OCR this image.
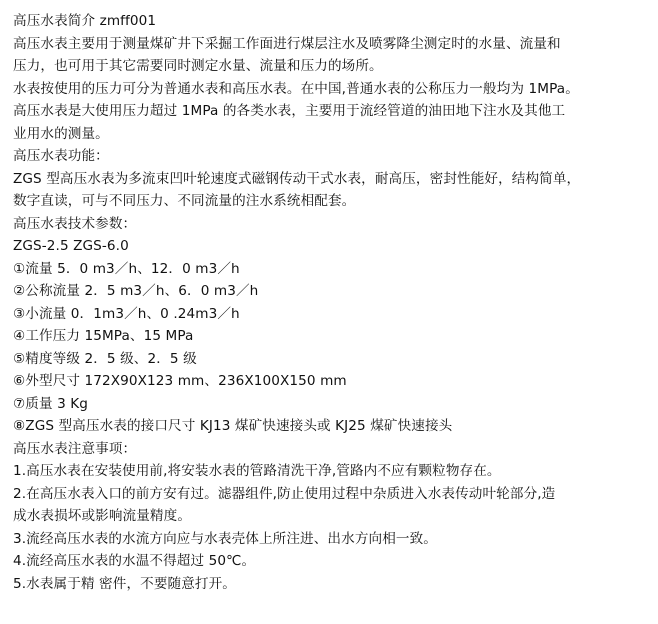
高压水表简介 zmff001
高压水表主要用于测量煤矿井下采掘工作面进行煤层注水及喷雾降尘测定时的水量、流量和
压力，也可用于其它需要同时测定水量、流量和压力的场所。
水表按使用的压力可分为普通水表和高压水表。在中国,普通水表的公称压力一般均为 1MPa。
高压水表是大使用压力超过 1MPa 的各类水表，主要用于流经管道的油田地下注水及其他工
业用水的测量。
高压水表功能：
ZGS 型高压水表为多流束凹叶轮速度式磁钢传动干式水表，耐高压，密封性能好，结构简单，
数字直读，可与不同压力、不同流量的注水系统相配套。
高压水表技术参数：
ZGS-2.5 ZGS-6.0
①流量 5．0 m3／h、12．0 m3／h
②公称流量 2．5 m3／h、6．0 m3／h
③小流量 0．1m3／h、0 .24m3／h
④工作压力 15MPa、15 MPa
⑤精度等级 2．5 级、2．5 级
⑥外型尺寸 172X90X123 mm、236X100X150 mm
⑦质量 3 Kg
⑧ZGS 型高压水表的接口尺寸 KJ13 煤矿快速接头或 KJ25 煤矿快速接头
高压水表注意事项：
1.高压水表在安装使用前,将安装水表的管路清洗干净,管路内不应有颗粒物存在。
2.在高压水表入口的前方安有过。滤器组件,防止使用过程中杂质进入水表传动叶轮部分,造
成水表损坏或影响流量精度。
3.流经高压水表的水流方向应与水表壳体上所注进、出水方向相一致。
4.流经高压水表的水温不得超过 50℃。
5.水表属于精 密件，不要随意打开。
